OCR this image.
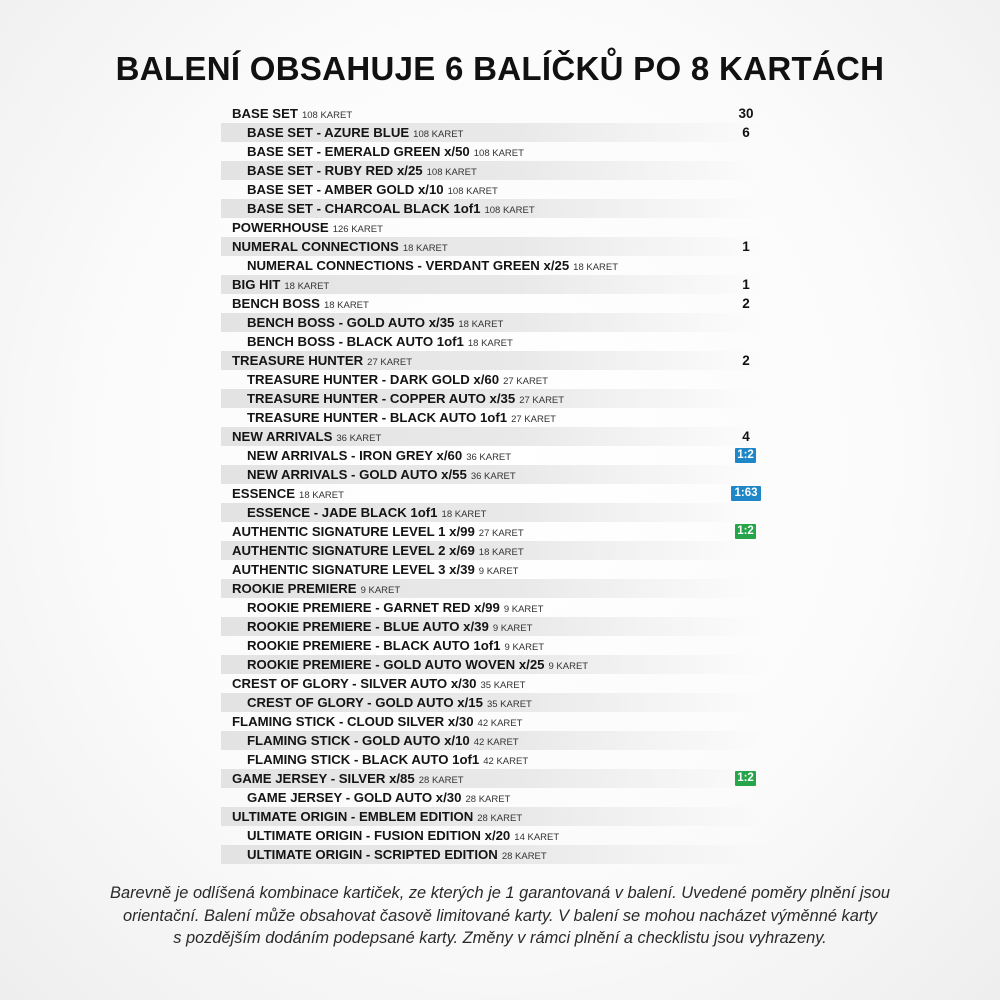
BALENÍ OBSAHUJE 6 BALÍČKŮ PO 8 KARTÁCH
BASE SET 108 KARET	30
BASE SET - AZURE BLUE 108 KARET	6
BASE SET - EMERALD GREEN x/50 108 KARET
BASE SET - RUBY RED x/25 108 KARET
BASE SET - AMBER GOLD x/10 108 KARET
BASE SET - CHARCOAL BLACK 1of1 108 KARET
POWERHOUSE 126 KARET
NUMERAL CONNECTIONS 18 KARET	1
NUMERAL CONNECTIONS - VERDANT GREEN x/25 18 KARET
BIG HIT 18 KARET	1
BENCH BOSS 18 KARET	2
BENCH BOSS - GOLD AUTO x/35 18 KARET
BENCH BOSS - BLACK AUTO 1of1 18 KARET
TREASURE HUNTER 27 KARET	2
TREASURE HUNTER - DARK GOLD x/60 27 KARET
TREASURE HUNTER - COPPER AUTO x/35 27 KARET
TREASURE HUNTER - BLACK AUTO 1of1 27 KARET
NEW ARRIVALS 36 KARET	4
NEW ARRIVALS - IRON GREY x/60 36 KARET	1:2
NEW ARRIVALS - GOLD AUTO x/55 36 KARET
ESSENCE 18 KARET	1:63
ESSENCE - JADE BLACK 1of1 18 KARET
AUTHENTIC SIGNATURE LEVEL 1 x/99 27 KARET	1:2
AUTHENTIC SIGNATURE LEVEL 2 x/69 18 KARET
AUTHENTIC SIGNATURE LEVEL 3 x/39 9 KARET
ROOKIE PREMIERE 9 KARET
ROOKIE PREMIERE - GARNET RED x/99 9 KARET
ROOKIE PREMIERE - BLUE AUTO x/39 9 KARET
ROOKIE PREMIERE - BLACK AUTO 1of1 9 KARET
ROOKIE PREMIERE - GOLD AUTO WOVEN x/25 9 KARET
CREST OF GLORY - SILVER AUTO x/30 35 KARET
CREST OF GLORY - GOLD AUTO x/15 35 KARET
FLAMING STICK - CLOUD SILVER x/30 42 KARET
FLAMING STICK - GOLD AUTO x/10 42 KARET
FLAMING STICK - BLACK AUTO 1of1 42 KARET
GAME JERSEY - SILVER x/85 28 KARET	1:2
GAME JERSEY - GOLD AUTO x/30 28 KARET
ULTIMATE ORIGIN - EMBLEM EDITION 28 KARET
ULTIMATE ORIGIN - FUSION EDITION x/20 14 KARET
ULTIMATE ORIGIN - SCRIPTED EDITION 28 KARET
Barevně je odlíšená kombinace kartiček, ze kterých je 1 garantovaná v balení. Uvedené poměry plnění jsou
orientační. Balení může obsahovat časově limitované karty. V balení se mohou nacházet výměnné karty
s pozdějším dodáním podepsané karty. Změny v rámci plnění a checklistu jsou vyhrazeny.
